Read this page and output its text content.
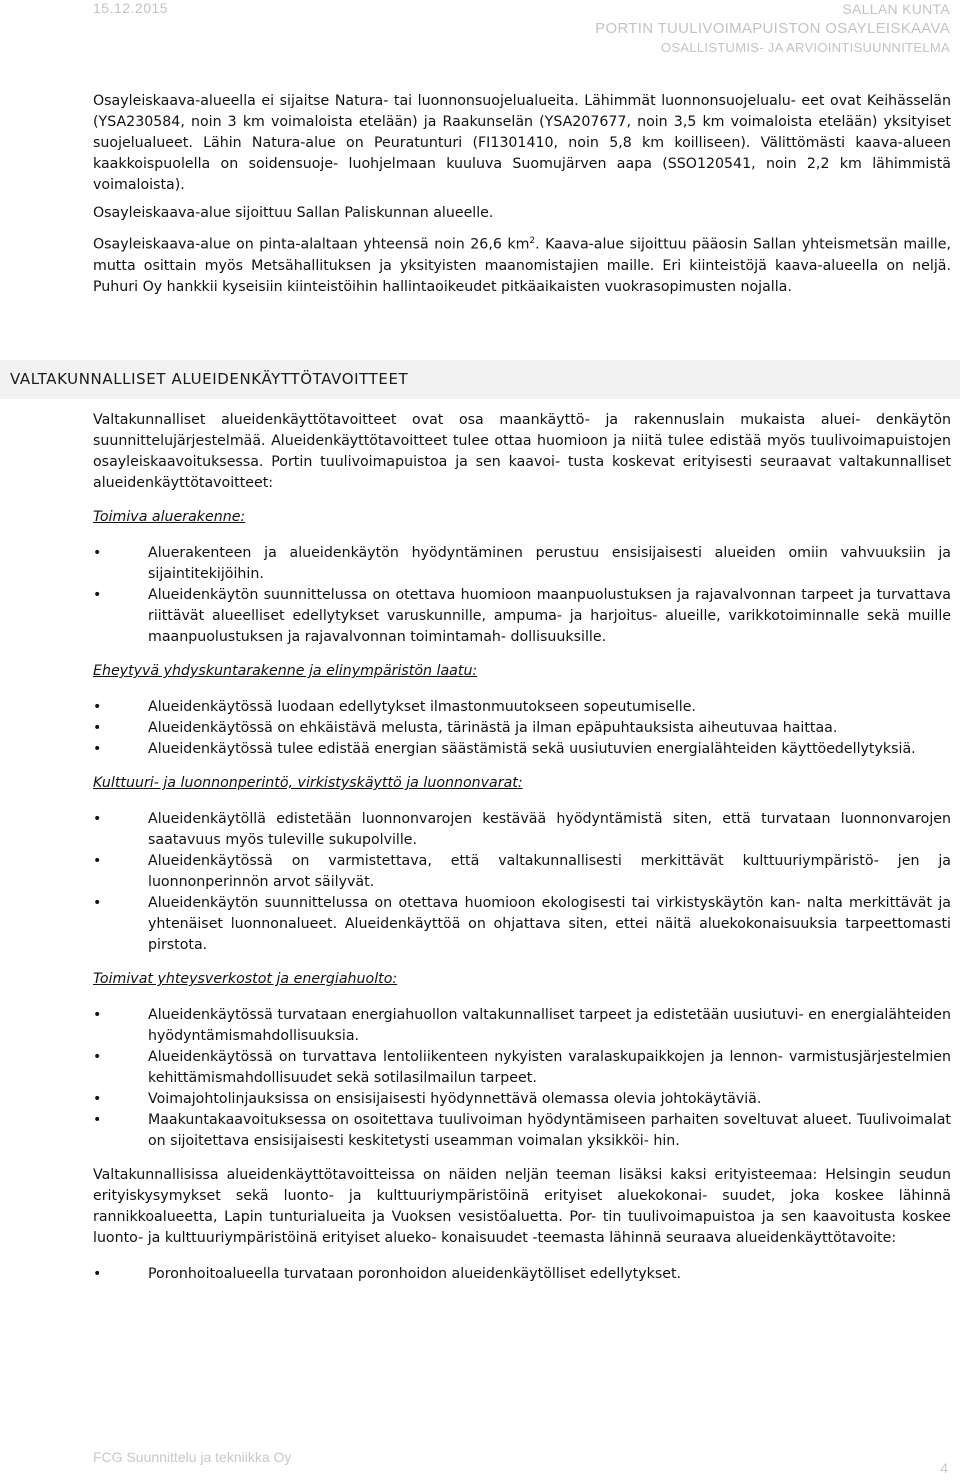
15.12.2015	SALLAN KUNTA
PORTIN TUULIVOIMAPUISTON OSAYLEISKAAVA
OSALLISTUMIS- JA ARVIOINTISUUNNITELMA

Osayleiskaava-alueella ei sijaitse Natura- tai luonnonsuojelualueita. Lähimmät luonnonsuojelualu- eet ovat Keihässelän (YSA230584, noin 3 km voimaloista etelään) ja Raakunselän (YSA207677, noin 3,5 km voimaloista etelään) yksityiset suojelualueet. Lähin Natura-alue on Peuratunturi (FI1301410, noin 5,8 km koilliseen). Välittömästi kaava-alueen kaakkoispuolella on soidensuoje- luohjelmaan kuuluva Suomujärven aapa (SSO120541, noin 2,2 km lähimmistä voimaloista).

Osayleiskaava-alue sijoittuu Sallan Paliskunnan alueelle.

Osayleiskaava-alue on pinta-alaltaan yhteensä noin 26,6 $km^2$. Kaava-alue sijoittuu pääosin Sallan yhteismetsän maille, mutta osittain myös Metsähallituksen ja yksityisten maanomistajien maille. Eri kiinteistöjä kaava-alueella on neljä. Puhuri Oy hankkii kyseisiin kiinteistöihin hallintaoikeudet pitkäaikaisten vuokrasopimusten nojalla.

VALTAKUNNALLISET ALUEIDENKÄYTTÖTAVOITTEET

Valtakunnalliset alueidenkäyttötavoitteet ovat osa maankäyttö- ja rakennuslain mukaista aluei- denkäytön suunnittelujärjestelmää. Alueidenkäyttötavoitteet tulee ottaa huomioon ja niitä tulee edistää myös tuulivoimapuistojen osayleiskaavoituksessa. Portin tuulivoimapuistoa ja sen kaavoi- tusta koskevat erityisesti seuraavat valtakunnalliset alueidenkäyttötavoitteet:

Toimiva aluerakenne:
•	Aluerakenteen ja alueidenkäytön hyödyntäminen perustuu ensisijaisesti alueiden omiin vahvuuksiin ja sijaintitekijöihin.
•	Alueidenkäytön suunnittelussa on otettava huomioon maanpuolustuksen ja rajavalvonnan tarpeet ja turvattava riittävät alueelliset edellytykset varuskunnille, ampuma- ja harjoitus- alueille, varikkotoiminnalle sekä muille maanpuolustuksen ja rajavalvonnan toimintamah- dollisuuksille.
Eheytyvä yhdyskuntarakenne ja elinympäristön laatu:
•	Alueidenkäytössä luodaan edellytykset ilmastonmuutokseen sopeutumiselle.
•	Alueidenkäytössä on ehkäistävä melusta, tärinästä ja ilman epäpuhtauksista aiheutuvaa haittaa.
•	Alueidenkäytössä tulee edistää energian säästämistä sekä uusiutuvien energialähteiden käyttöedellytyksiä.
Kulttuuri- ja luonnonperintö, virkistyskäyttö ja luonnonvarat:
•	Alueidenkäytöllä edistetään luonnonvarojen kestävää hyödyntämistä siten, että turvataan luonnonvarojen saatavuus myös tuleville sukupolville.
•	Alueidenkäytössä on varmistettava, että valtakunnallisesti merkittävät kulttuuriympäristö- jen ja luonnonperinnön arvot säilyvät.
•	Alueidenkäytön suunnittelussa on otettava huomioon ekologisesti tai virkistyskäytön kan- nalta merkittävät ja yhtenäiset luonnonalueet. Alueidenkäyttöä on ohjattava siten, ettei näitä aluekokonaisuuksia tarpeettomasti pirstota.
Toimivat yhteysverkostot ja energiahuolto:
•	Alueidenkäytössä turvataan energiahuollon valtakunnalliset tarpeet ja edistetään uusiutuvi- en energialähteiden hyödyntämismahdollisuuksia.
•	Alueidenkäytössä on turvattava lentoliikenteen nykyisten varalaskupaikkojen ja lennon- varmistusjärjestelmien kehittämismahdollisuudet sekä sotilasilmailun tarpeet.
•	Voimajohtolinjauksissa on ensisijaisesti hyödynnettävä olemassa olevia johtokäytäviä.
•	Maakuntakaavoituksessa on osoitettava tuulivoiman hyödyntämiseen parhaiten soveltuvat alueet. Tuulivoimalat on sijoitettava ensisijaisesti keskitetysti useamman voimalan yksikköi- hin.

Valtakunnallisissa alueidenkäyttötavoitteissa on näiden neljän teeman lisäksi kaksi erityisteemaa: Helsingin seudun erityiskysymykset sekä luonto- ja kulttuuriympäristöinä erityiset aluekokonai- suudet, joka koskee lähinnä rannikkoalueetta, Lapin tunturialueita ja Vuoksen vesistöaluetta. Por- tin tuulivoimapuistoa ja sen kaavoitusta koskee luonto- ja kulttuuriympäristöinä erityiset alueko- konaisuudet -teemasta lähinnä seuraava alueidenkäyttötavoite:

•	Poronhoitoalueella turvataan poronhoidon alueidenkäytölliset edellytykset.
FCG Suunnittelu ja tekniikka Oy
4
